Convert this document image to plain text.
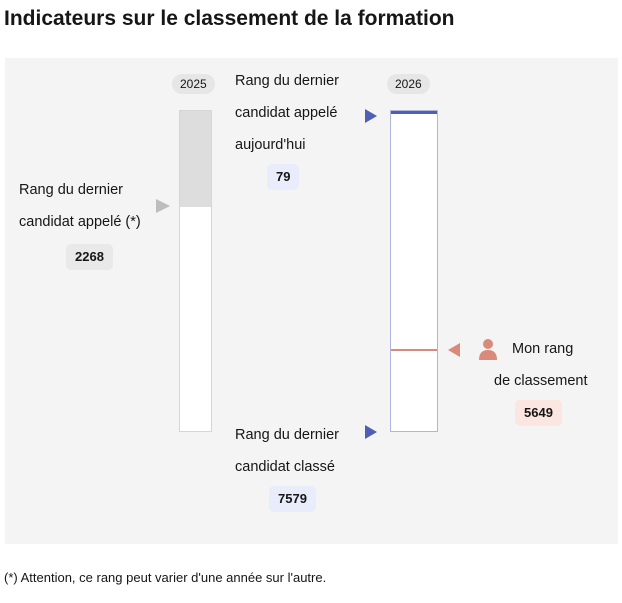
Indicateurs sur le classement de la formation
2025
Rang du dernier
candidat appelé (*)
2268
Rang du dernier
candidat appelé
aujourd'hui
79
2026
Rang du dernier
candidat classé
7579
Mon rang
de classement
5649

(*) Attention, ce rang peut varier d'une année sur l'autre.
